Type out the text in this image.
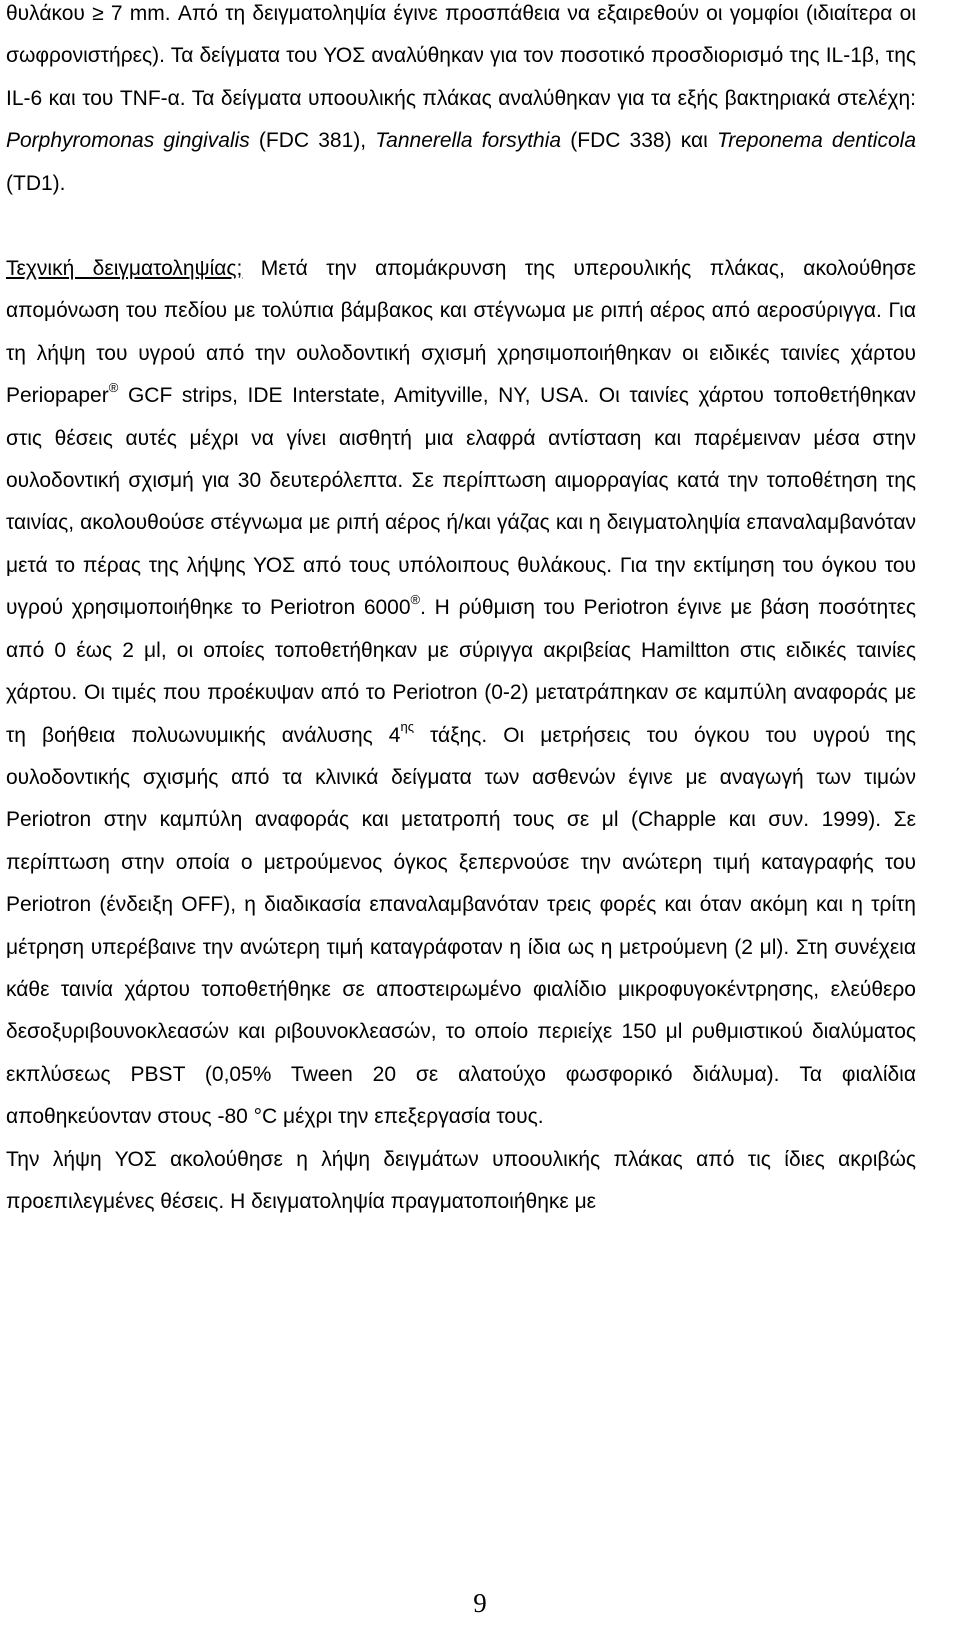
θυλάκου ≥ 7 mm. Από τη δειγματοληψία έγινε προσπάθεια να εξαιρεθούν οι γομφίοι (ιδιαίτερα οι σωφρονιστήρες). Τα δείγματα του ΥΟΣ αναλύθηκαν για τον ποσοτικό προσδιορισμό της IL-1β, της IL-6 και του TNF-α. Τα δείγματα υποουλικής πλάκας αναλύθηκαν για τα εξής βακτηριακά στελέχη: Porphyromonas gingivalis (FDC 381), Tannerella forsythia (FDC 338) και Treponema denticola (TD1).

Τεχνική δειγματοληψίας; Μετά την απομάκρυνση της υπερουλικής πλάκας, ακολούθησε απομόνωση του πεδίου με τολύπια βάμβακος και στέγνωμα με ριπή αέρος από αεροσύριγγα. Για τη λήψη του υγρού από την ουλοδοντική σχισμή χρησιμοποιήθηκαν οι ειδικές ταινίες χάρτου Periopaper® GCF strips, IDE Interstate, Amityville, NY, USA. Οι ταινίες χάρτου τοποθετήθηκαν στις θέσεις αυτές μέχρι να γίνει αισθητή μια ελαφρά αντίσταση και παρέμειναν μέσα στην ουλοδοντική σχισμή για 30 δευτερόλεπτα. Σε περίπτωση αιμορραγίας κατά την τοποθέτηση της ταινίας, ακολουθούσε στέγνωμα με ριπή αέρος ή/και γάζας και η δειγματοληψία επαναλαμβανόταν μετά το πέρας της λήψης ΥΟΣ από τους υπόλοιπους θυλάκους. Για την εκτίμηση του όγκου του υγρού χρησιμοποιήθηκε το Periotron 6000®. Η ρύθμιση του Periotron έγινε με βάση ποσότητες από 0 έως 2 μl, οι οποίες τοποθετήθηκαν με σύριγγα ακριβείας Hamiltton στις ειδικές ταινίες χάρτου. Οι τιμές που προέκυψαν από το Periotron (0-2) μετατράπηκαν σε καμπύλη αναφοράς με τη βοήθεια πολυωνυμικής ανάλυσης $4^{\eta\varsigma}$ τάξης. Οι μετρήσεις του όγκου του υγρού της ουλοδοντικής σχισμής από τα κλινικά δείγματα των ασθενών έγινε με αναγωγή των τιμών Periotron στην καμπύλη αναφοράς και μετατροπή τους σε μl (Chapple και συν. 1999). Σε περίπτωση στην οποία ο μετρούμενος όγκος ξεπερνούσε την ανώτερη τιμή καταγραφής του Periotron (ένδειξη OFF), η διαδικασία επαναλαμβανόταν τρεις φορές και όταν ακόμη και η τρίτη μέτρηση υπερέβαινε την ανώτερη τιμή καταγράφοταν η ίδια ως η μετρούμενη (2 μl). Στη συνέχεια κάθε ταινία χάρτου τοποθετήθηκε σε αποστειρωμένο φιαλίδιο μικροφυγοκέντρησης, ελεύθερο δεσοξυριβουνοκλεασών και ριβουνοκλεασών, το οποίο περιείχε 150 μl ρυθμιστικού διαλύματος εκπλύσεως PBST (0,05% Tween 20 σε αλατούχο φωσφορικό διάλυμα). Τα φιαλίδια αποθηκεύονταν στους -80 °C μέχρι την επεξεργασία τους.

Την λήψη ΥΟΣ ακολούθησε η λήψη δειγμάτων υποουλικής πλάκας από τις ίδιες ακριβώς προεπιλεγμένες θέσεις. Η δειγματοληψία πραγματοποιήθηκε με

9
